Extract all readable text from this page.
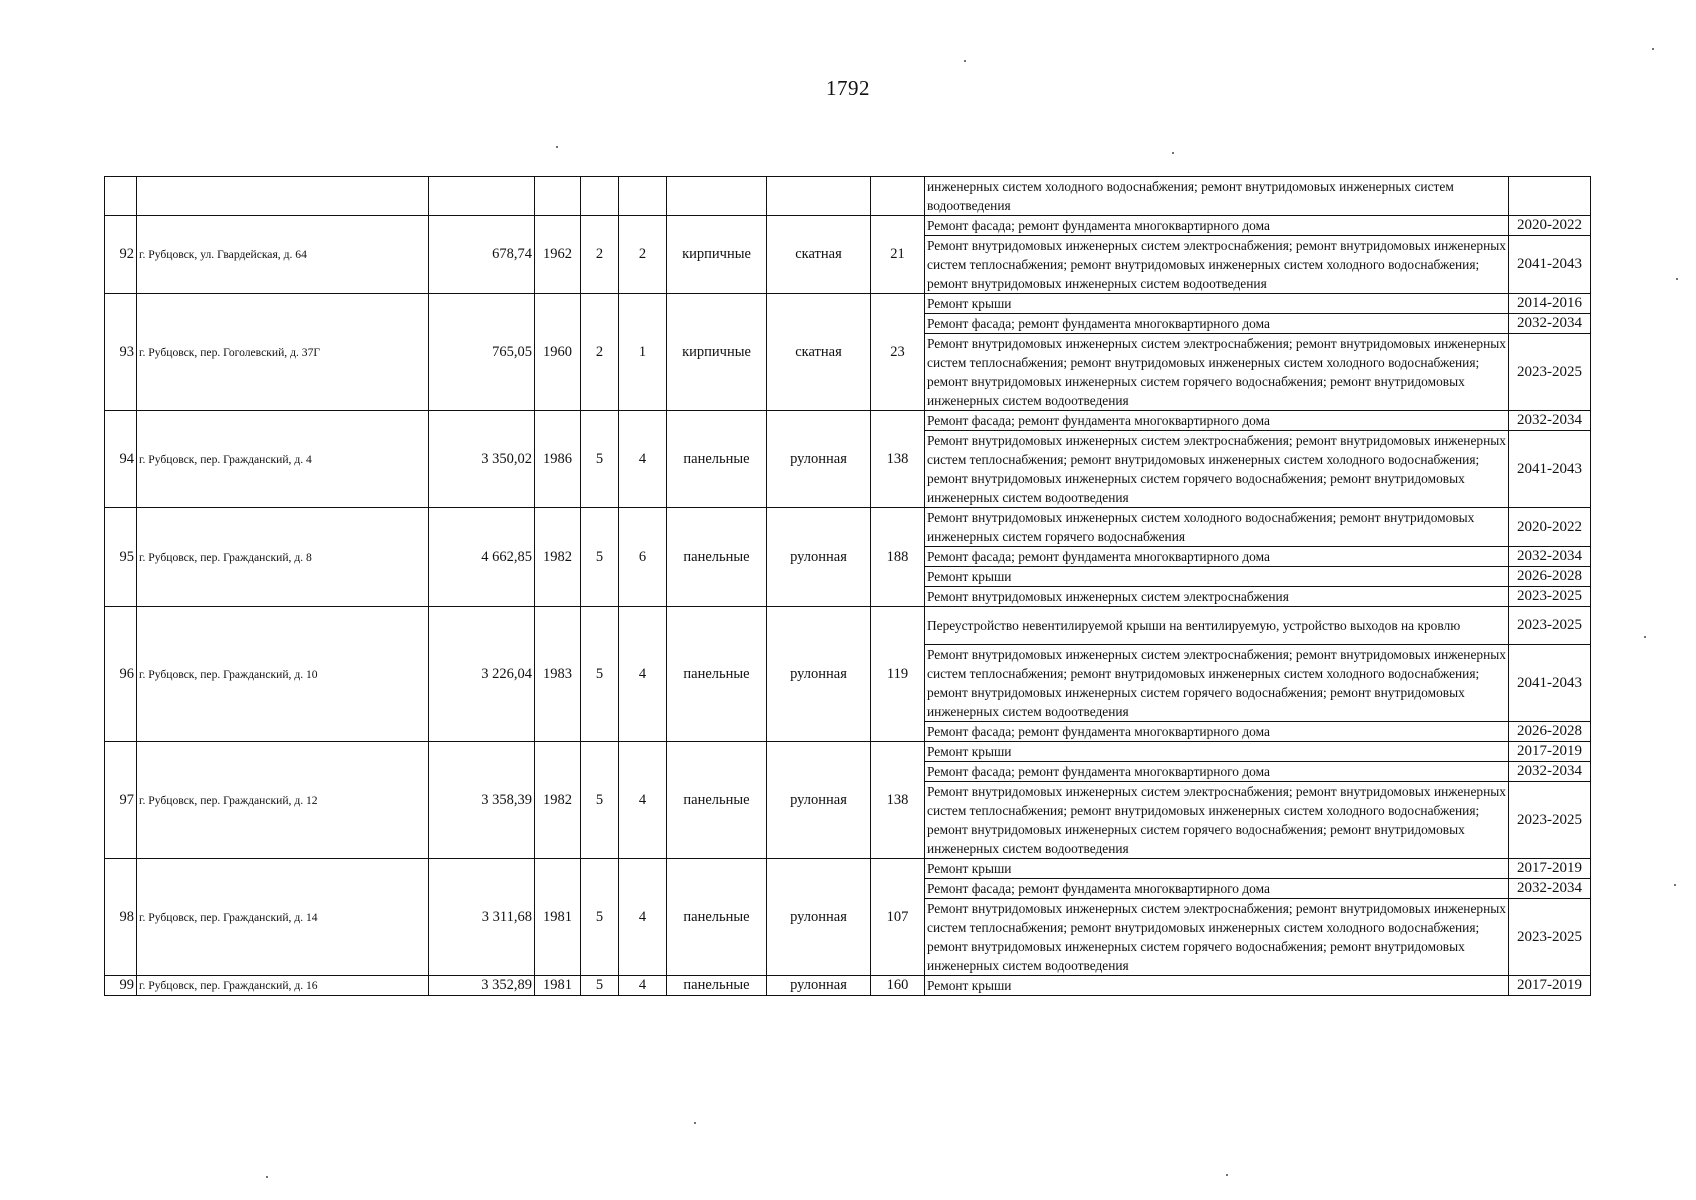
1792
									инженерных систем холодного водоснабжения; ремонт внутридомовых инженерных систем водоотведения	
92	г. Рубцовск, ул. Гвардейская, д. 64	678,74	1962	2	2	кирпичные	скатная	21	Ремонт фасада; ремонт фундамента многоквартирного дома	2020-2022
									Ремонт внутридомовых инженерных систем электроснабжения; ремонт внутридомовых инженерных систем теплоснабжения; ремонт внутридомовых инженерных систем холодного водоснабжения; ремонт внутридомовых инженерных систем водоотведения	2041-2043
93	г. Рубцовск, пер. Гоголевский, д. 37Г	765,05	1960	2	1	кирпичные	скатная	23	Ремонт крыши	2014-2016
									Ремонт фасада; ремонт фундамента многоквартирного дома	2032-2034
									Ремонт внутридомовых инженерных систем электроснабжения; ремонт внутридомовых инженерных систем теплоснабжения; ремонт внутридомовых инженерных систем холодного водоснабжения; ремонт внутридомовых инженерных систем горячего водоснабжения; ремонт внутридомовых инженерных систем водоотведения	2023-2025
94	г. Рубцовск, пер. Гражданский, д. 4	3 350,02	1986	5	4	панельные	рулонная	138	Ремонт фасада; ремонт фундамента многоквартирного дома	2032-2034
									Ремонт внутридомовых инженерных систем электроснабжения; ремонт внутридомовых инженерных систем теплоснабжения; ремонт внутридомовых инженерных систем холодного водоснабжения; ремонт внутридомовых инженерных систем горячего водоснабжения; ремонт внутридомовых инженерных систем водоотведения	2041-2043
95	г. Рубцовск, пер. Гражданский, д. 8	4 662,85	1982	5	6	панельные	рулонная	188	Ремонт внутридомовых инженерных систем холодного водоснабжения; ремонт внутридомовых инженерных систем горячего водоснабжения	2020-2022
									Ремонт фасада; ремонт фундамента многоквартирного дома	2032-2034
									Ремонт крыши	2026-2028
									Ремонт внутридомовых инженерных систем электроснабжения	2023-2025
96	г. Рубцовск, пер. Гражданский, д. 10	3 226,04	1983	5	4	панельные	рулонная	119	Переустройство невентилируемой крыши на вентилируемую, устройство выходов на кровлю	2023-2025
									Ремонт внутридомовых инженерных систем электроснабжения; ремонт внутридомовых инженерных систем теплоснабжения; ремонт внутридомовых инженерных систем холодного водоснабжения; ремонт внутридомовых инженерных систем горячего водоснабжения; ремонт внутридомовых инженерных систем водоотведения	2041-2043
									Ремонт фасада; ремонт фундамента многоквартирного дома	2026-2028
97	г. Рубцовск, пер. Гражданский, д. 12	3 358,39	1982	5	4	панельные	рулонная	138	Ремонт крыши	2017-2019
									Ремонт фасада; ремонт фундамента многоквартирного дома	2032-2034
									Ремонт внутридомовых инженерных систем электроснабжения; ремонт внутридомовых инженерных систем теплоснабжения; ремонт внутридомовых инженерных систем холодного водоснабжения; ремонт внутридомовых инженерных систем горячего водоснабжения; ремонт внутридомовых инженерных систем водоотведения	2023-2025
98	г. Рубцовск, пер. Гражданский, д. 14	3 311,68	1981	5	4	панельные	рулонная	107	Ремонт крыши	2017-2019
									Ремонт фасада; ремонт фундамента многоквартирного дома	2032-2034
									Ремонт внутридомовых инженерных систем электроснабжения; ремонт внутридомовых инженерных систем теплоснабжения; ремонт внутридомовых инженерных систем холодного водоснабжения; ремонт внутридомовых инженерных систем горячего водоснабжения; ремонт внутридомовых инженерных систем водоотведения	2023-2025
99	г. Рубцовск, пер. Гражданский, д. 16	3 352,89	1981	5	4	панельные	рулонная	160	Ремонт крыши	2017-2019
